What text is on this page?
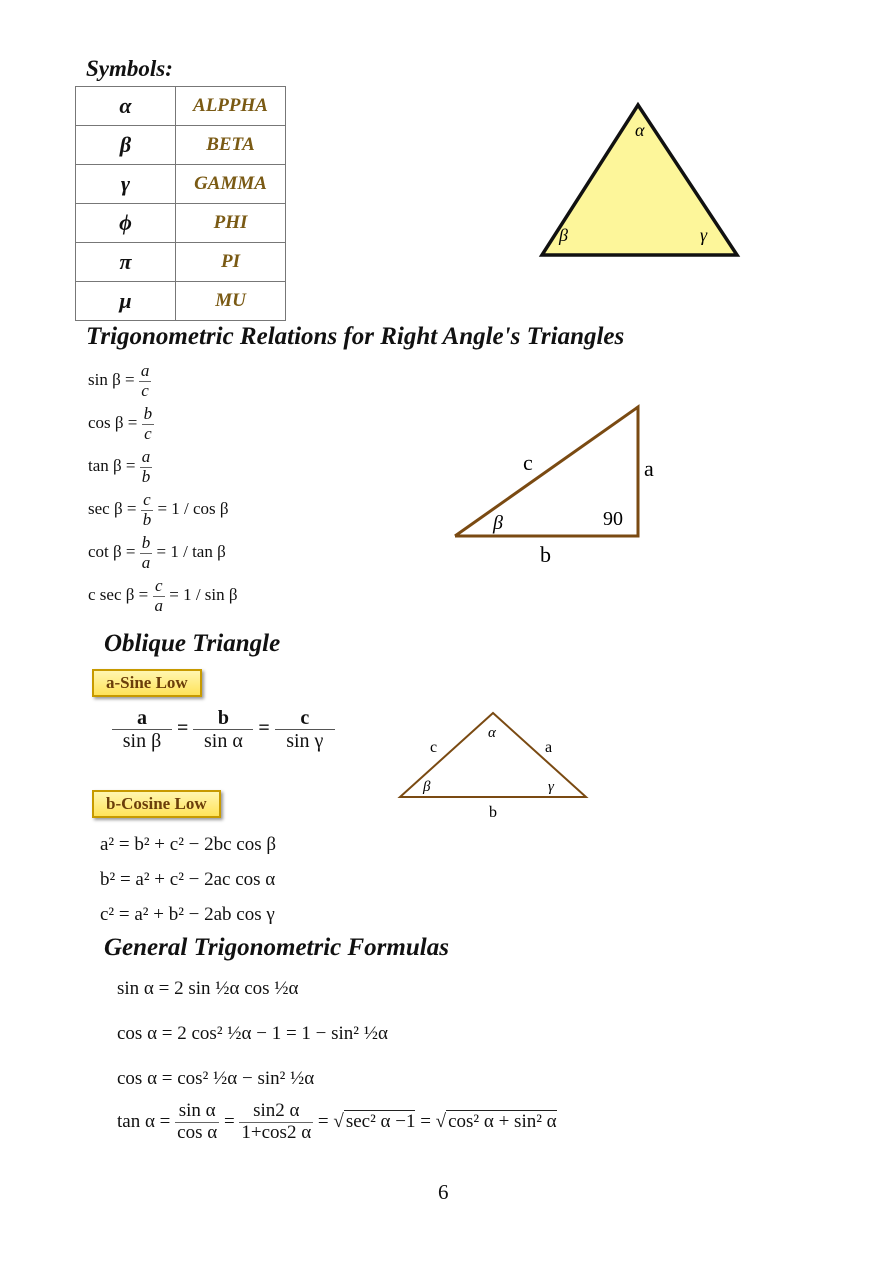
Symbols:
α	ALPPHA
β	BETA
γ	GAMMA
ϕ	PHI
π	PI
μ	MU
α
β	γ
Trigonometric Relations for Right Angle's Triangles
$\sin \beta = \frac{a}{c}$
$\cos \beta = \frac{b}{c}$
$\tan \beta = \frac{a}{b}$
$\sec \beta = \frac{c}{b} = 1 / \cos \beta$
$\cot \beta = \frac{b}{a} = 1 / \tan \beta$
c $\sec \beta = \frac{c}{a} = 1 / \sin \beta$
c	a
b
β	90
Oblique Triangle
a-Sine Low
$\frac{a}{\text{sin β}} = \frac{b}{\text{sin α}} = \frac{c}{\text{sin γ}}$	α
β	γ
c	a
b
b-Cosine Low
a² = b² + c² − 2bc cos β
b² = a² + c² − 2ac cos α
c² = a² + b² − 2ab cos γ
General Trigonometric Formulas
sin α = 2 sin ½α cos ½α
cos α = 2 cos² ½α − 1 = 1 − sin² ½α
cos α = cos² ½α − sin² ½α
$\tan \alpha = \frac{\text{sin α}}{\text{cos α}} = \frac{\sin 2 \alpha}{1+\cos 2 \alpha}$ = √ sec² α −1 = √ cos² α + sin² α
6
